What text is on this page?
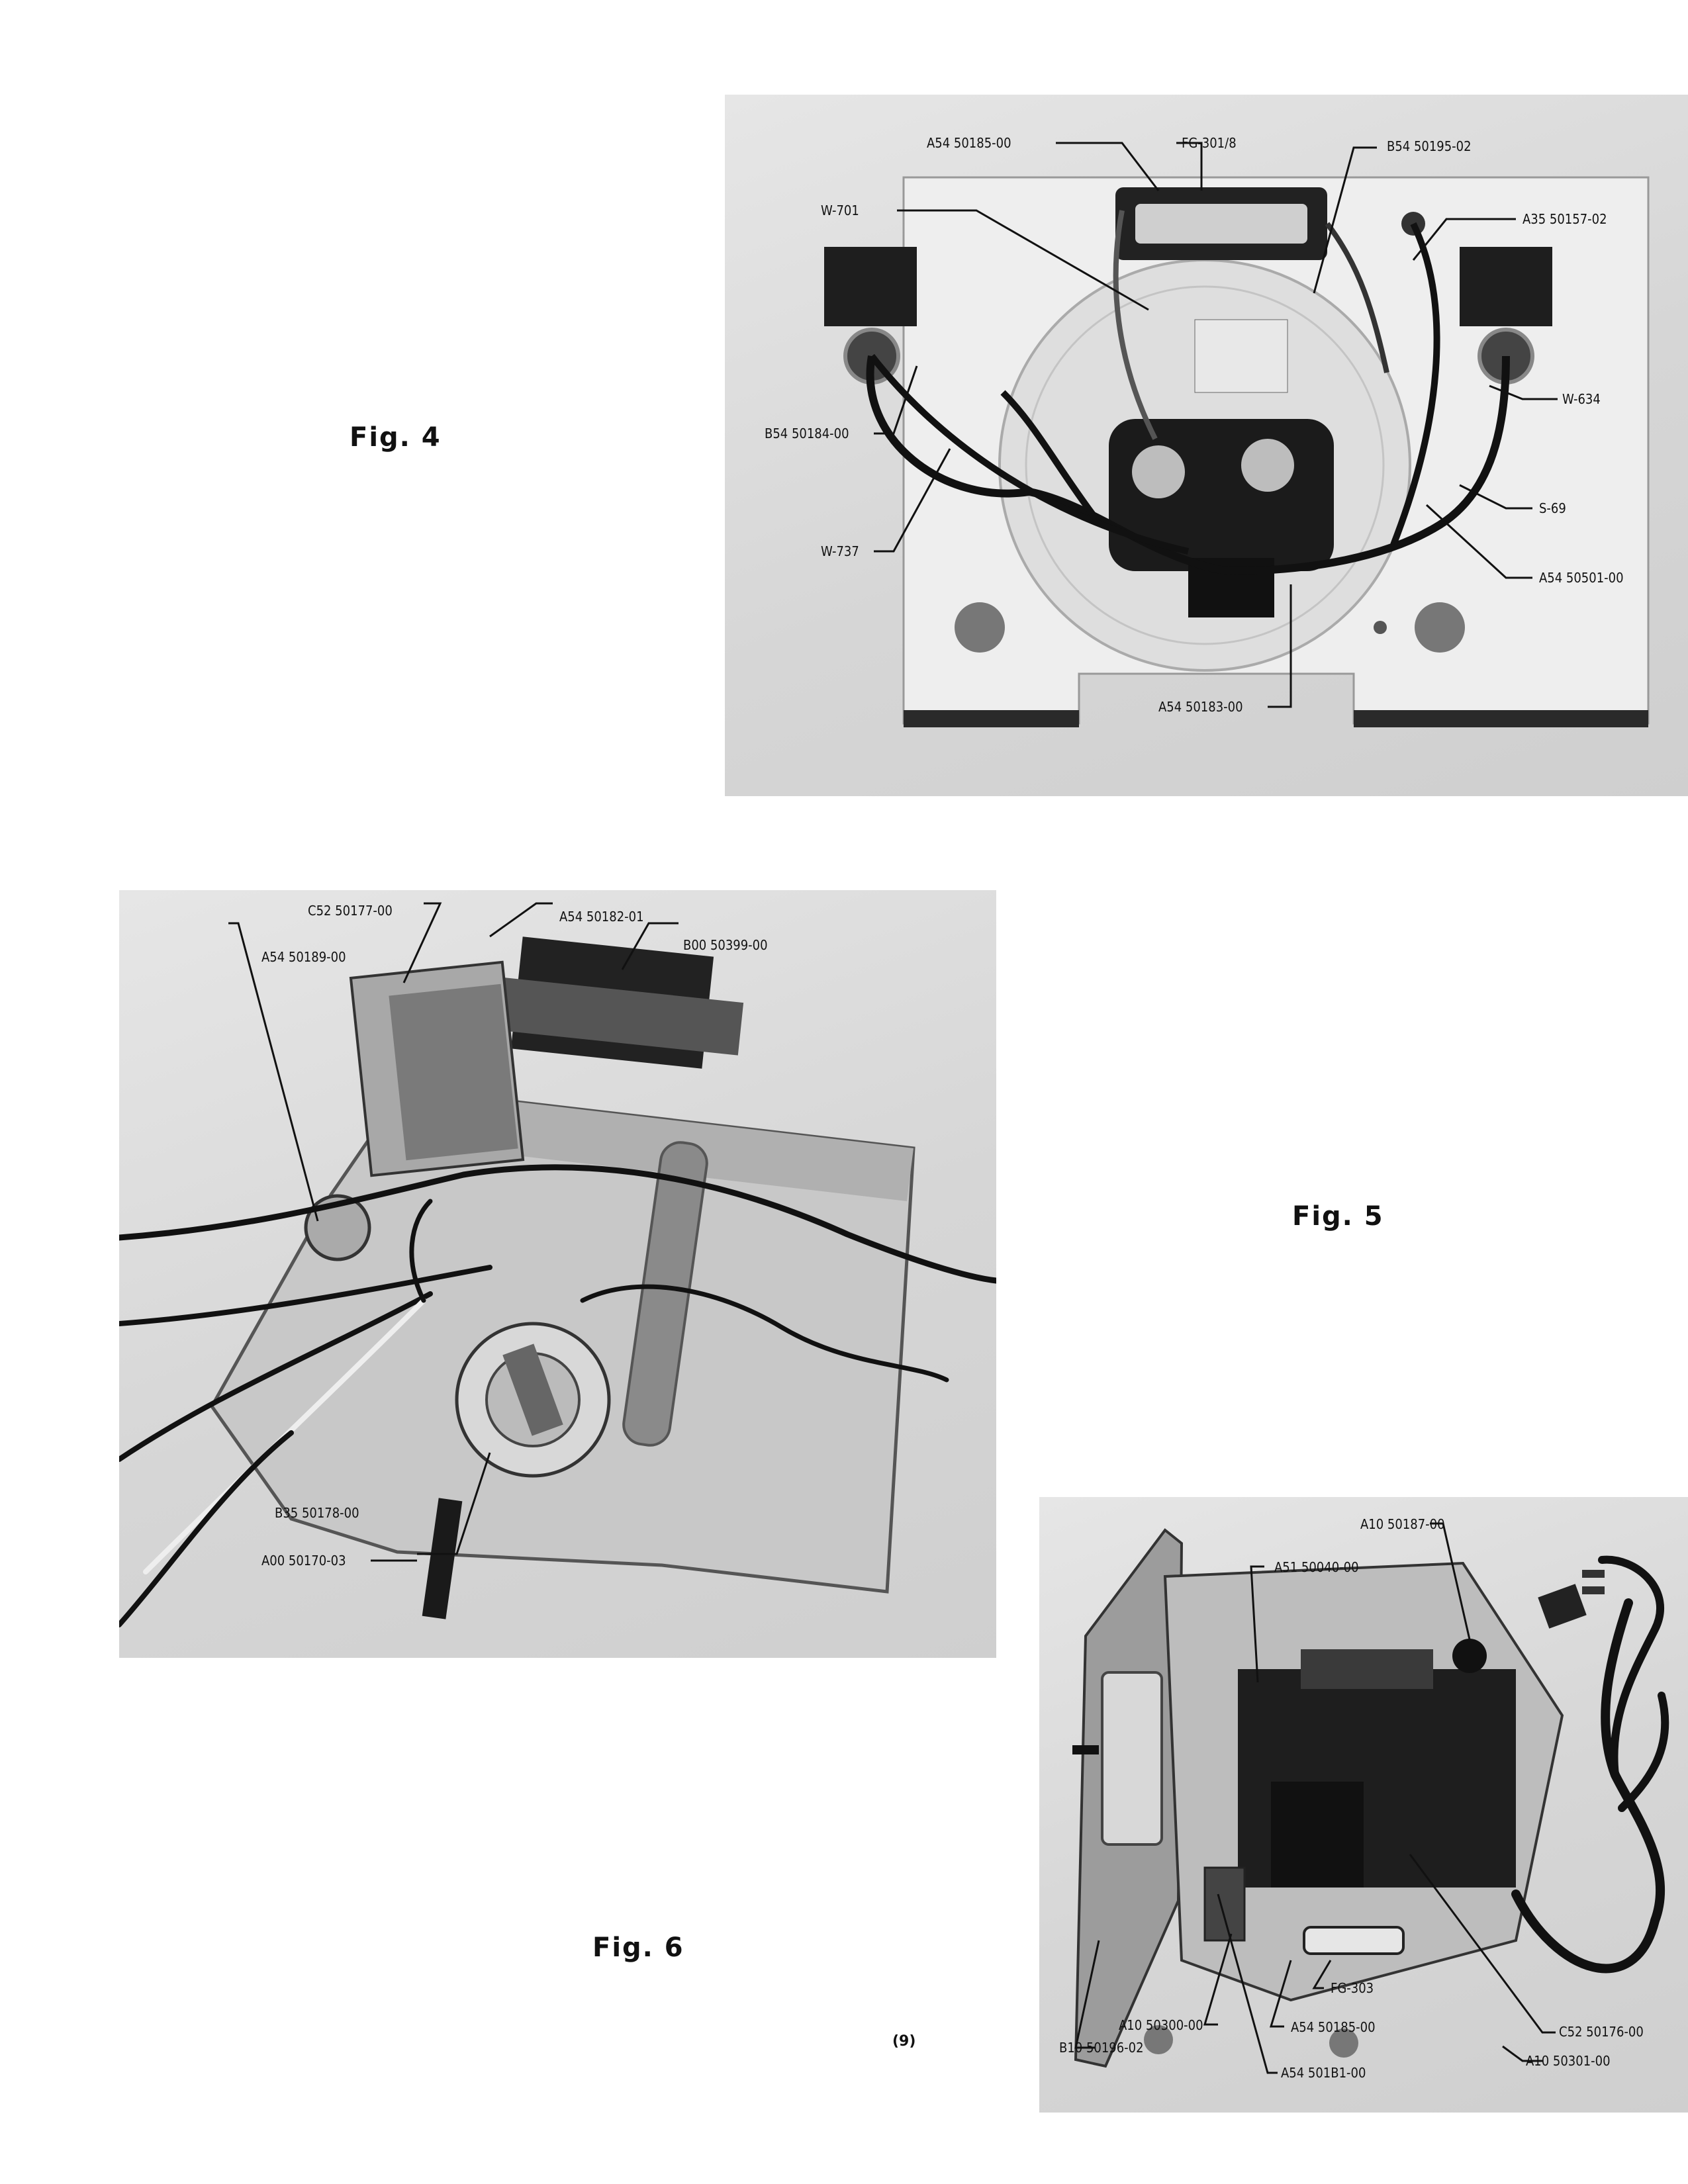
Fig. 4
Fig. 5
Fig. 6
A54 50185-00	FG-301/8	B54 50195-02
W-701
A35 50157-02
B54 50184-00
W-634
W-737
S-69
A54 50501-00
A54 50183-00
C52 50177-00	A54 50182-01
A54 50189-00
B00 50399-00
B35 50178-00
A00 50170-03
A10 50187-00
A51 50040-00
FG-303
A54 50185-00
A10 50300-00	C52 50176-00
B10 50196-02
A10 50301-00
A54 501B1-00
(9)
